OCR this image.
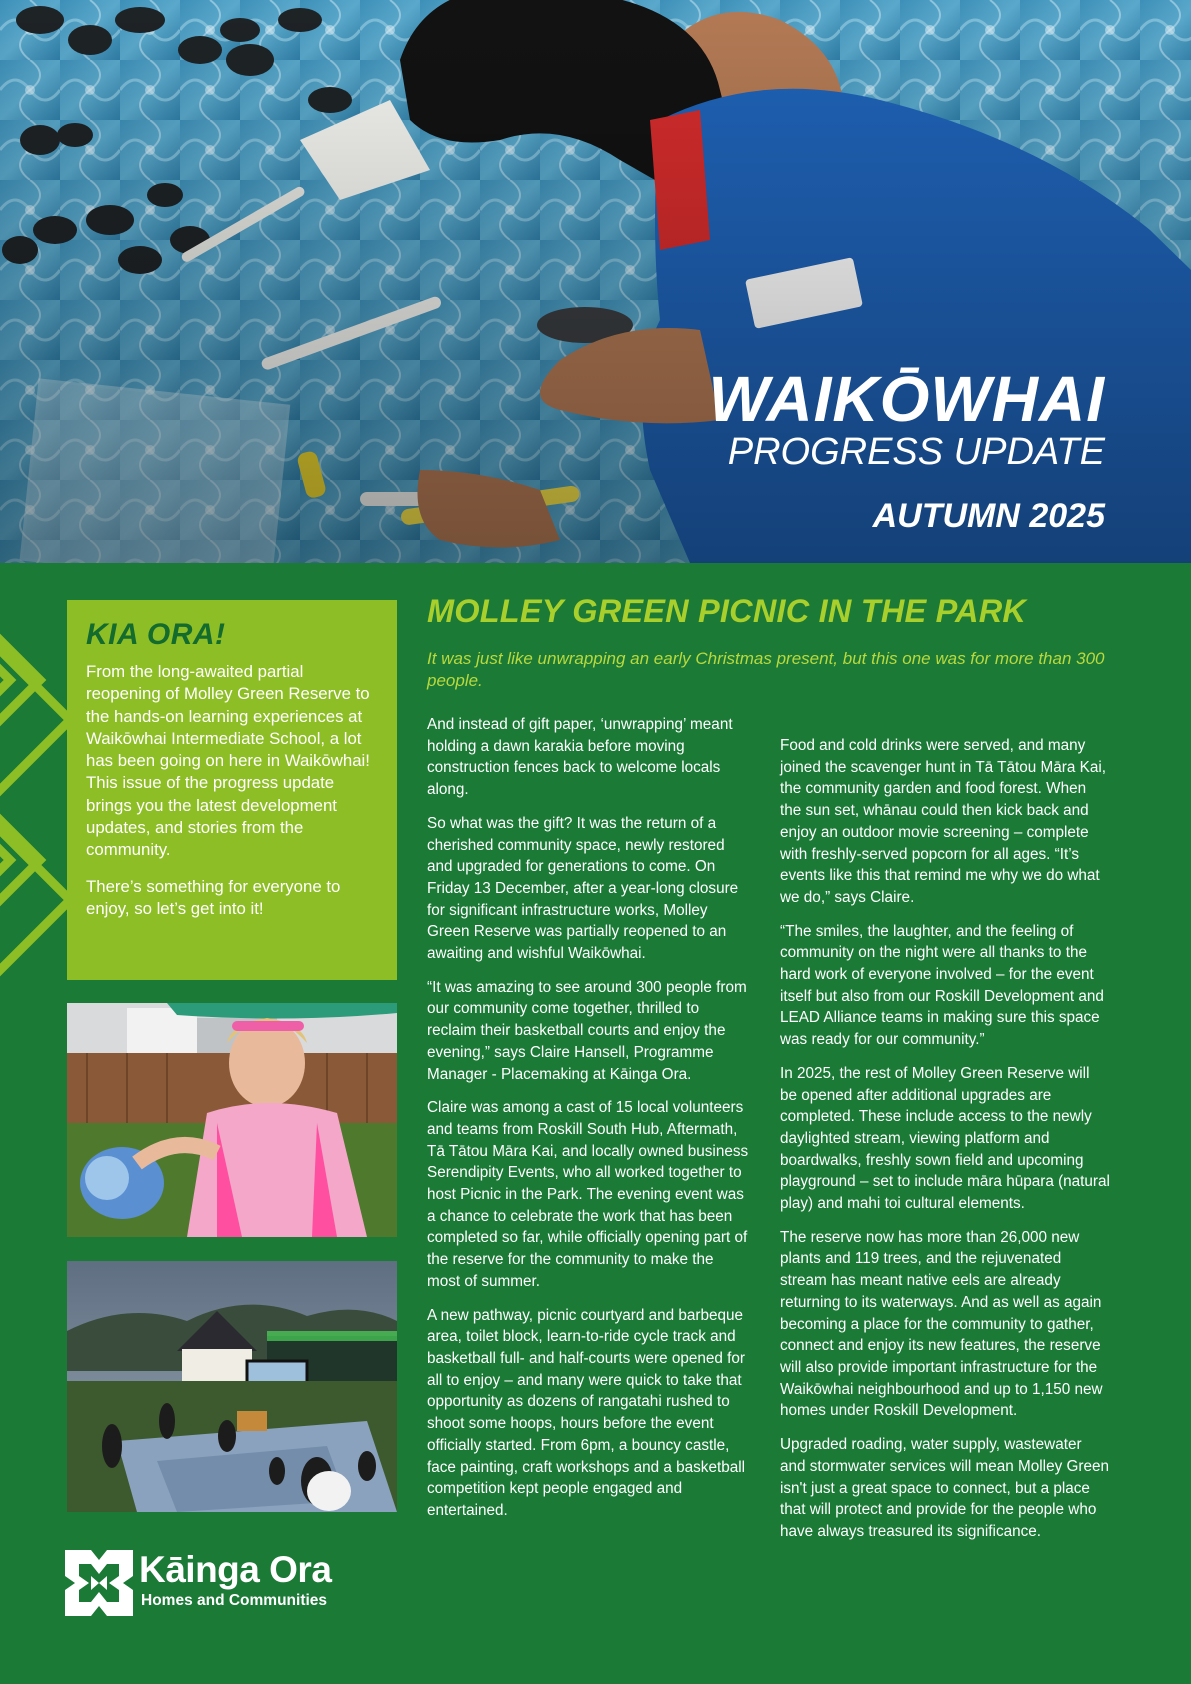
WAIKŌWHAI
PROGRESS UPDATE
AUTUMN 2025
KIA ORA!

From the long-awaited partial reopening of Molley Green Reserve to the hands-on learning experiences at Waikōwhai Intermediate School, a lot has been going on here in Waikōwhai! This issue of the progress update brings you the latest development updates, and stories from the community.

There’s something for everyone to enjoy, so let’s get into it!

Kāinga Ora
Homes and Communities
MOLLEY GREEN PICNIC IN THE PARK

It was just like unwrapping an early Christmas present, but this one was for more than 300 people.

And instead of gift paper, ‘unwrapping’ meant holding a dawn karakia before moving construction fences back to welcome locals along.

So what was the gift? It was the return of a cherished community space, newly restored and upgraded for generations to come. On Friday 13 December, after a year-long closure for significant infrastructure works, Molley Green Reserve was partially reopened to an awaiting and wishful Waikōwhai.

“It was amazing to see around 300 people from our community come together, thrilled to reclaim their basketball courts and enjoy the evening,” says Claire Hansell, Programme Manager - Placemaking at Kāinga Ora.

Claire was among a cast of 15 local volunteers and teams from Roskill South Hub, Aftermath, Tā Tātou Māra Kai, and locally owned business Serendipity Events, who all worked together to host Picnic in the Park. The evening event was a chance to celebrate the work that has been completed so far, while officially opening part of the reserve for the community to make the most of summer.

A new pathway, picnic courtyard and barbeque area, toilet block, learn-to-ride cycle track and basketball full- and half-courts were opened for all to enjoy – and many were quick to take that opportunity as dozens of rangatahi rushed to shoot some hoops, hours before the event officially started. From 6pm, a bouncy castle, face painting, craft workshops and a basketball competition kept people engaged and entertained.

Food and cold drinks were served, and many joined the scavenger hunt in Tā Tātou Māra Kai, the community garden and food forest. When the sun set, whānau could then kick back and enjoy an outdoor movie screening – complete with freshly-served popcorn for all ages. “It’s events like this that remind me why we do what we do,” says Claire.

“The smiles, the laughter, and the feeling of community on the night were all thanks to the hard work of everyone involved – for the event itself but also from our Roskill Development and LEAD Alliance teams in making sure this space was ready for our community.”

In 2025, the rest of Molley Green Reserve will be opened after additional upgrades are completed. These include access to the newly daylighted stream, viewing platform and boardwalks, freshly sown field and upcoming playground – set to include māra hūpara (natural play) and mahi toi cultural elements.

The reserve now has more than 26,000 new plants and 119 trees, and the rejuvenated stream has meant native eels are already returning to its waterways. And as well as again becoming a place for the community to gather, connect and enjoy its new features, the reserve will also provide important infrastructure for the Waikōwhai neighbourhood and up to 1,150 new homes under Roskill Development.

Upgraded roading, water supply, wastewater and stormwater services will mean Molley Green isn't just a great space to connect, but a place that will protect and provide for the people who have always treasured its significance.
